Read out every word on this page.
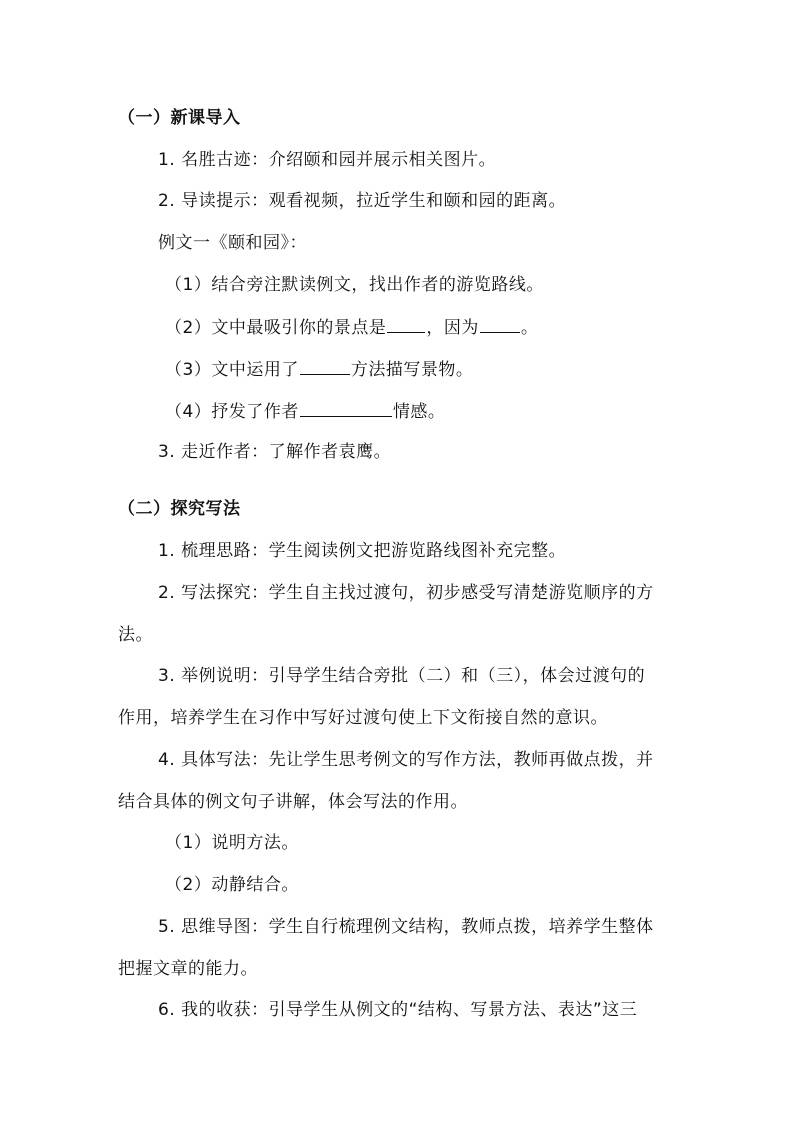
（一）新课导入
1. 名胜古迹：介绍颐和园并展示相关图片。
2. 导读提示：观看视频，拉近学生和颐和园的距离。
例文一《颐和园》：
（1）结合旁注默读例文，找出作者的游览路线。
（2）文中最吸引你的景点是 ，因为 。
（3）文中运用了	方法描写景物。
（4）抒发了作者	情感。
3. 走近作者：了解作者袁鹰。
（二）探究写法
1. 梳理思路：学生阅读例文把游览路线图补充完整。
2. 写法探究：学生自主找过渡句，初步感受写清楚游览顺序的方
法。
3. 举例说明：引导学生结合旁批（二）和（三），体会过渡句的
作用，培养学生在习作中写好过渡句使上下文衔接自然的意识。
4. 具体写法：先让学生思考例文的写作方法，教师再做点拨，并
结合具体的例文句子讲解，体会写法的作用。
（1）说明方法。
（2）动静结合。
5. 思维导图：学生自行梳理例文结构，教师点拨，培养学生整体
把握文章的能力。
6. 我的收获：引导学生从例文的“结构、写景方法、表达”这三
